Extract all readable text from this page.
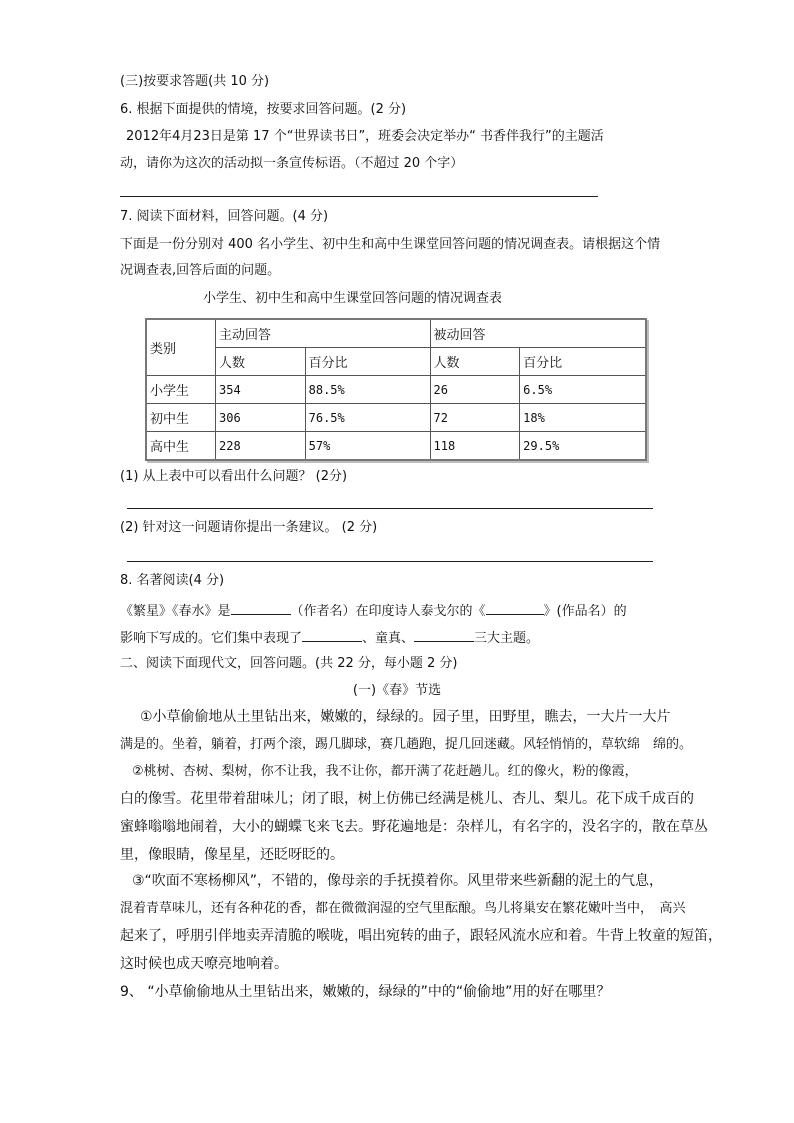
(三)按要求答题(共 10 分)
6. 根据下面提供的情境，按要求回答问题。(2 分)
2012年4月23日是第 17 个“世界读书日”，班委会决定举办“ 书香伴我行”的主题活
动，请你为这次的活动拟一条宣传标语。（不超过 20 个字）
7. 阅读下面材料，回答问题。(4 分)
下面是一份分别对 400 名小学生、初中生和高中生课堂回答问题的情况调查表。请根据这个情
况调查表,回答后面的问题。
小学生、初中生和高中生课堂回答问题的情况调查表
类别	主动回答		被动回答	
	人数	百分比	人数	百分比
小学生	354	88.5%	26	6.5%
初中生	306	76.5%	72	18%
高中生	228	57%	118	29.5%
(1) 从上表中可以看出什么问题？ (2分)
(2) 针对这一问题请你提出一条建议。 (2 分)
8. 名著阅读(4 分)
《繁星》《春水》是	（作者名）在印度诗人泰戈尔的《	》(作品名）的
影响下写成的。它们集中表现了	、童真、	三大主题。
二、阅读下面现代文，回答问题。(共 22 分，每小题 2 分)
(一)《春》节选
①小草偷偷地从土里钻出来，嫩嫩的，绿绿的。园子里，田野里，瞧去，一大片一大片
满是的。坐着，躺着，打两个滚，踢几脚球，赛几趟跑，捉几回迷藏。风轻悄悄的，草软绵　绵的。
②桃树、杏树、梨树，你不让我，我不让你，都开满了花赶趟儿。红的像火，粉的像霞，
白的像雪。花里带着甜味儿；闭了眼，树上仿佛已经满是桃儿、杏儿、梨儿。花下成千成百的
蜜蜂嗡嗡地闹着，大小的蝴蝶飞来飞去。野花遍地是：杂样儿，有名字的，没名字的，散在草丛
里，像眼睛，像星星，还眨呀眨的。
③“吹面不寒杨柳风”，不错的，像母亲的手抚摸着你。风里带来些新翻的泥土的气息，
混着青草味儿，还有各种花的香，都在微微润湿的空气里酝酿。鸟儿将巢安在繁花嫩叶当中，　高兴
起来了，呼朋引伴地卖弄清脆的喉咙，唱出宛转的曲子，跟轻风流水应和着。牛背上牧童的短笛，
这时候也成天嘹亮地响着。
9、 “小草偷偷地从土里钻出来，嫩嫩的，绿绿的”中的“偷偷地”用的好在哪里？
